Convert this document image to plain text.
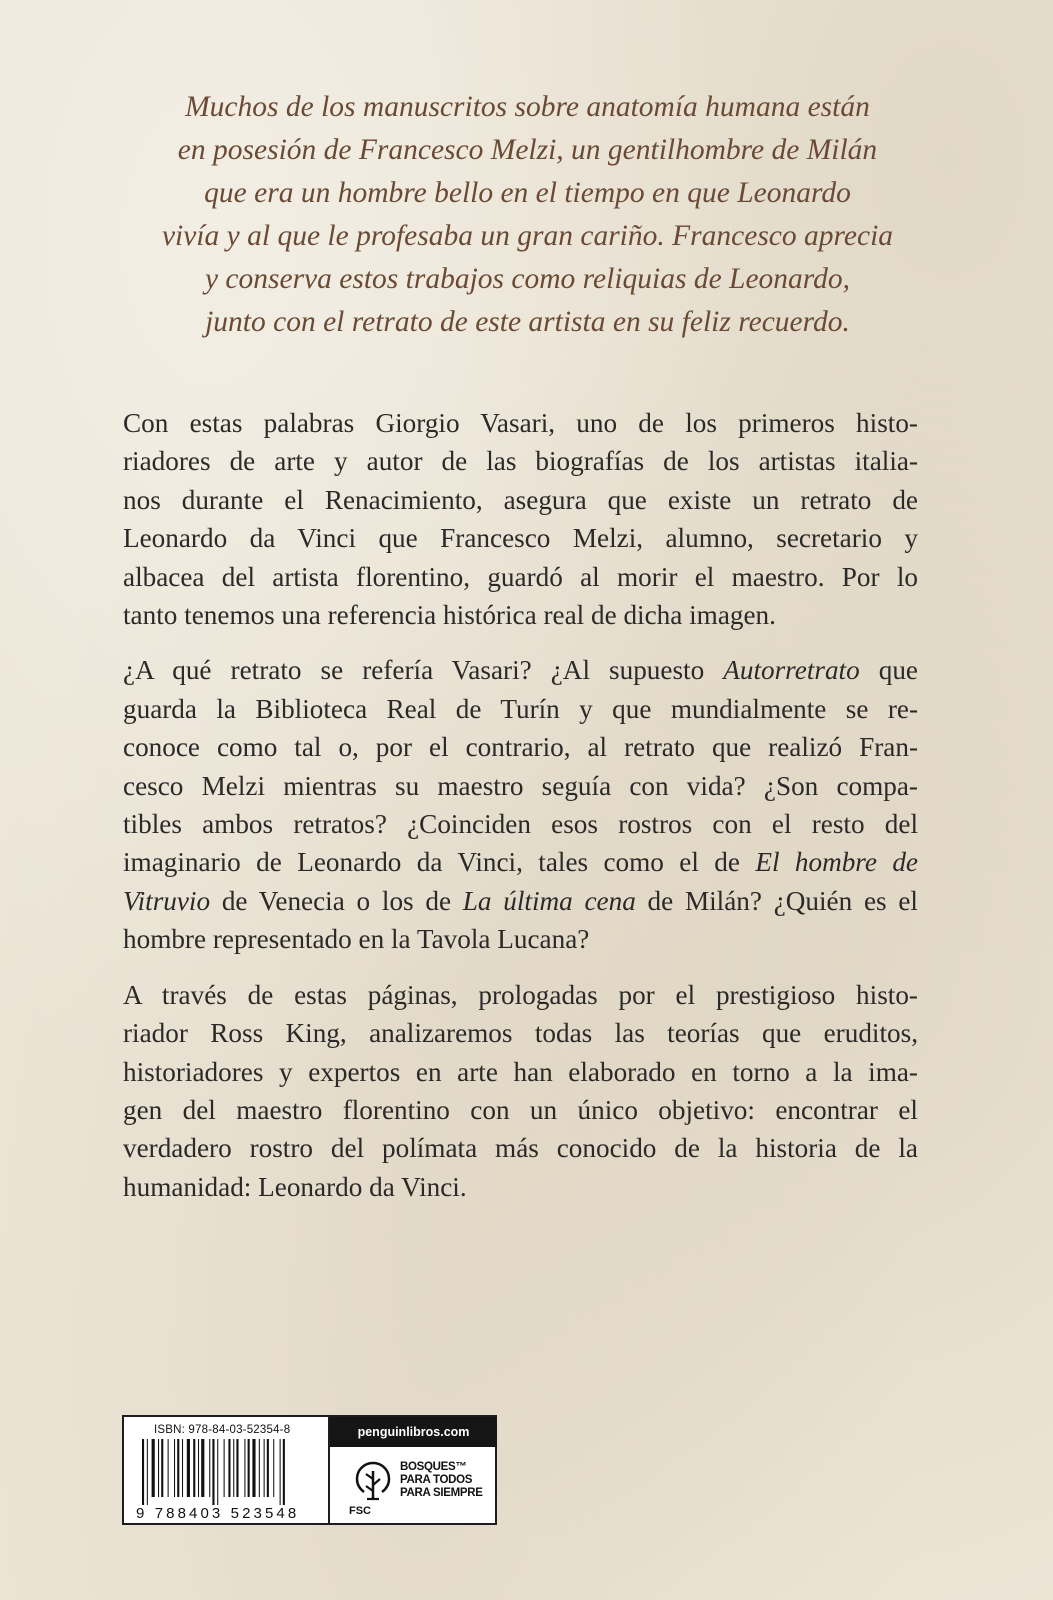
Muchos de los manuscritos sobre anatomía humana están
en posesión de Francesco Melzi, un gentilhombre de Milán
que era un hombre bello en el tiempo en que Leonardo
vivía y al que le profesaba un gran cariño. Francesco aprecia
y conserva estos trabajos como reliquias de Leonardo,
junto con el retrato de este artista en su feliz recuerdo.
Con estas palabras Giorgio Vasari, uno de los primeros histo-
riadores de arte y autor de las biografías de los artistas italia-
nos durante el Renacimiento, asegura que existe un retrato de
Leonardo da Vinci que Francesco Melzi, alumno, secretario y
albacea del artista florentino, guardó al morir el maestro. Por lo
tanto tenemos una referencia histórica real de dicha imagen.
¿A qué retrato se refería Vasari? ¿Al supuesto Autorretrato que
guarda la Biblioteca Real de Turín y que mundialmente se re-
conoce como tal o, por el contrario, al retrato que realizó Fran-
cesco Melzi mientras su maestro seguía con vida? ¿Son compa-
tibles ambos retratos? ¿Coinciden esos rostros con el resto del
imaginario de Leonardo da Vinci, tales como el de El hombre de
Vitruvio de Venecia o los de La última cena de Milán? ¿Quién es el
hombre representado en la Tavola Lucana?
A través de estas páginas, prologadas por el prestigioso histo-
riador Ross King, analizaremos todas las teorías que eruditos,
historiadores y expertos en arte han elaborado en torno a la ima-
gen del maestro florentino con un único objetivo: encontrar el
verdadero rostro del polímata más conocido de la historia de la
humanidad: Leonardo da Vinci.
ISBN: 978-84-03-52354-8
9 788403 523548
penguinlibros.com
FSC
BOSQUES™
PARA TODOS
PARA SIEMPRE
